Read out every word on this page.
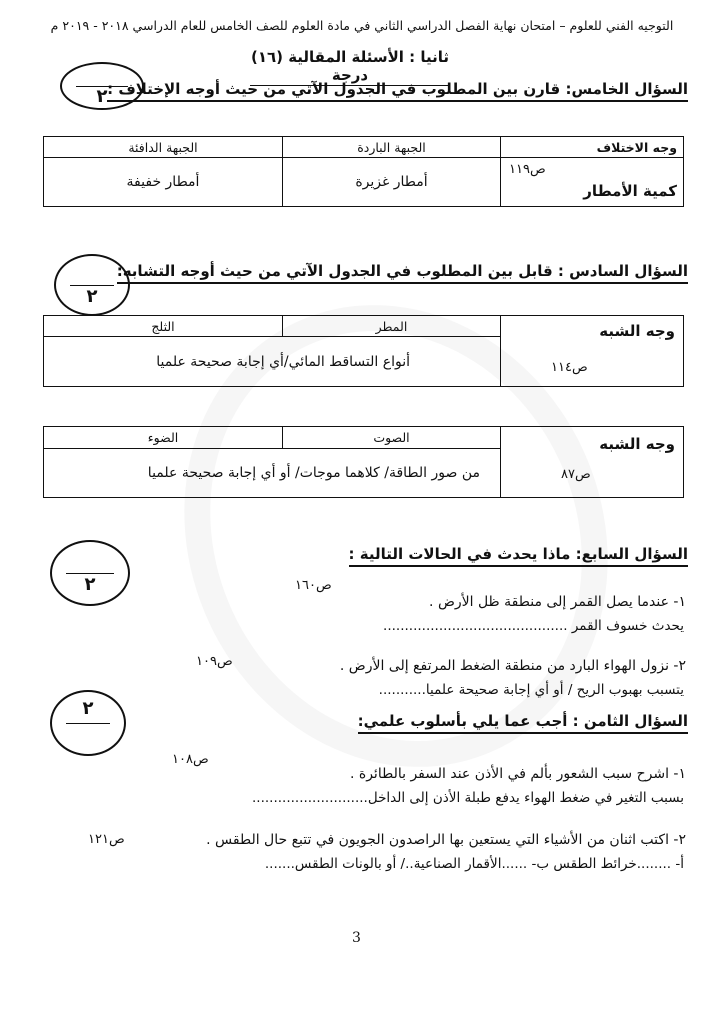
التوجيه الفني للعلوم – امتحان نهاية الفصل الدراسي الثاني في مادة العلوم للصف الخامس للعام الدراسي ٢٠١٨ - ٢٠١٩ م
ثانيا : الأسئلة المقالية (١٦) درجة
٢ السؤال الخامس: قارن بين المطلوب في الجدول الآتي من حيث أوجه الإختلاف :
وجه الاختلاف	الجبهة الباردة	الجبهة الدافئة

كمية الأمطار
ص١١٩	أمطار غزيرة	أمطار خفيفة
٢
السؤال السادس : قابل بين المطلوب في الجدول الآتي من حيث أوجه التشابه:
وجه الشبه
ص١١٤
	المطر	الثلج
أنواع التساقط المائي/أي إجابة صحيحة علميا
وجه الشبه
ص٨٧
	الصوت	الضوء
من صور الطاقة/ كلاهما موجات/ أو أي إجابة صحيحة علميا
٢
السؤال السابع: ماذا يحدث في الحالات التالية :
ص١٦٠
١- عندما يصل القمر إلى منطقة ظل الأرض .
يحدث خسوف القمر ...........................................
ص١٠٩	٢- نزول الهواء البارد من منطقة الضغط المرتفع إلى الأرض .
يتسبب بهبوب الريح / أو أي إجابة صحيحة علميا...........
٢
السؤال الثامن : أجب عما يلي بأسلوب علمي:
ص١٠٨
١- اشرح سبب الشعور بألم في الأذن عند السفر بالطائرة .
بسبب التغير في ضغط الهواء يدفع طبلة الأذن إلى الداخل...........................
ص١٢١	٢- اكتب اثنان من الأشياء التي يستعين بها الراصدون الجويون في تتبع حال الطقس .
أ- ........خرائط الطقس ب- ......الأقمار الصناعية../ أو بالونات الطقس.......
3
